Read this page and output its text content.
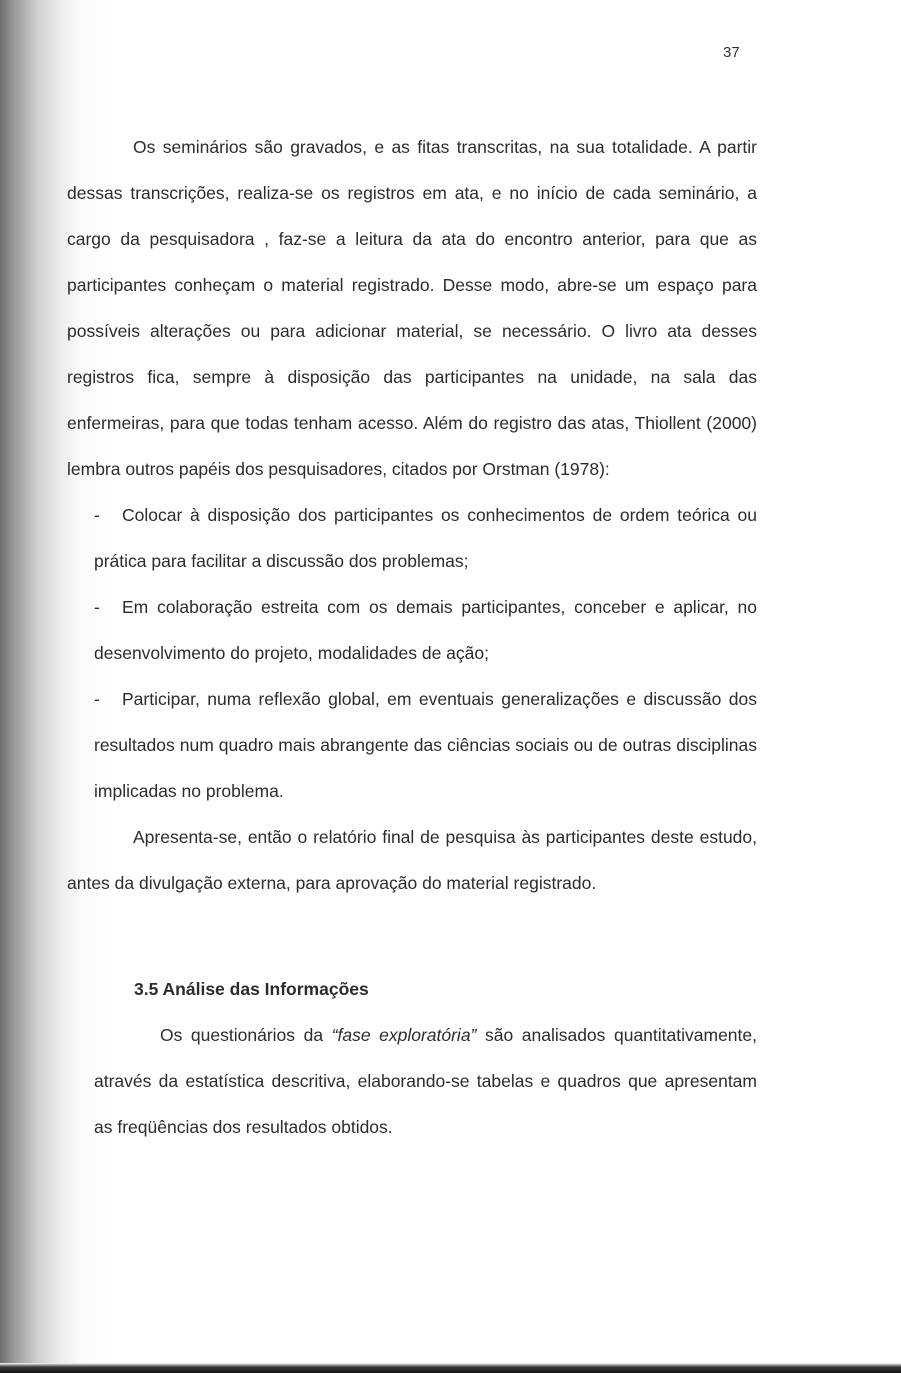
37

Os seminários são gravados, e as fitas transcritas, na sua totalidade. A partir dessas transcrições, realiza-se os registros em ata, e no início de cada seminário, a cargo da pesquisadora , faz-se a leitura da ata do encontro anterior, para que as participantes conheçam o material registrado. Desse modo, abre-se um espaço para possíveis alterações ou para adicionar material, se necessário. O livro ata desses registros fica, sempre à disposição das participantes na unidade, na sala das enfermeiras, para que todas tenham acesso. Além do registro das atas, Thiollent (2000) lembra outros papéis dos pesquisadores, citados por Orstman (1978):

-	Colocar à disposição dos participantes os conhecimentos de ordem teórica ou prática para facilitar a discussão dos problemas;

-	Em colaboração estreita com os demais participantes, conceber e aplicar, no desenvolvimento do projeto, modalidades de ação;

-	Participar, numa reflexão global, em eventuais generalizações e discussão dos resultados num quadro mais abrangente das ciências sociais ou de outras disciplinas implicadas no problema.

Apresenta-se, então o relatório final de pesquisa às participantes deste estudo, antes da divulgação externa, para aprovação do material registrado.

3.5 Análise das Informações

Os questionários da “fase exploratória” são analisados quantitativamente, através da estatística descritiva, elaborando-se tabelas e quadros que apresentam as freqüências dos resultados obtidos.
